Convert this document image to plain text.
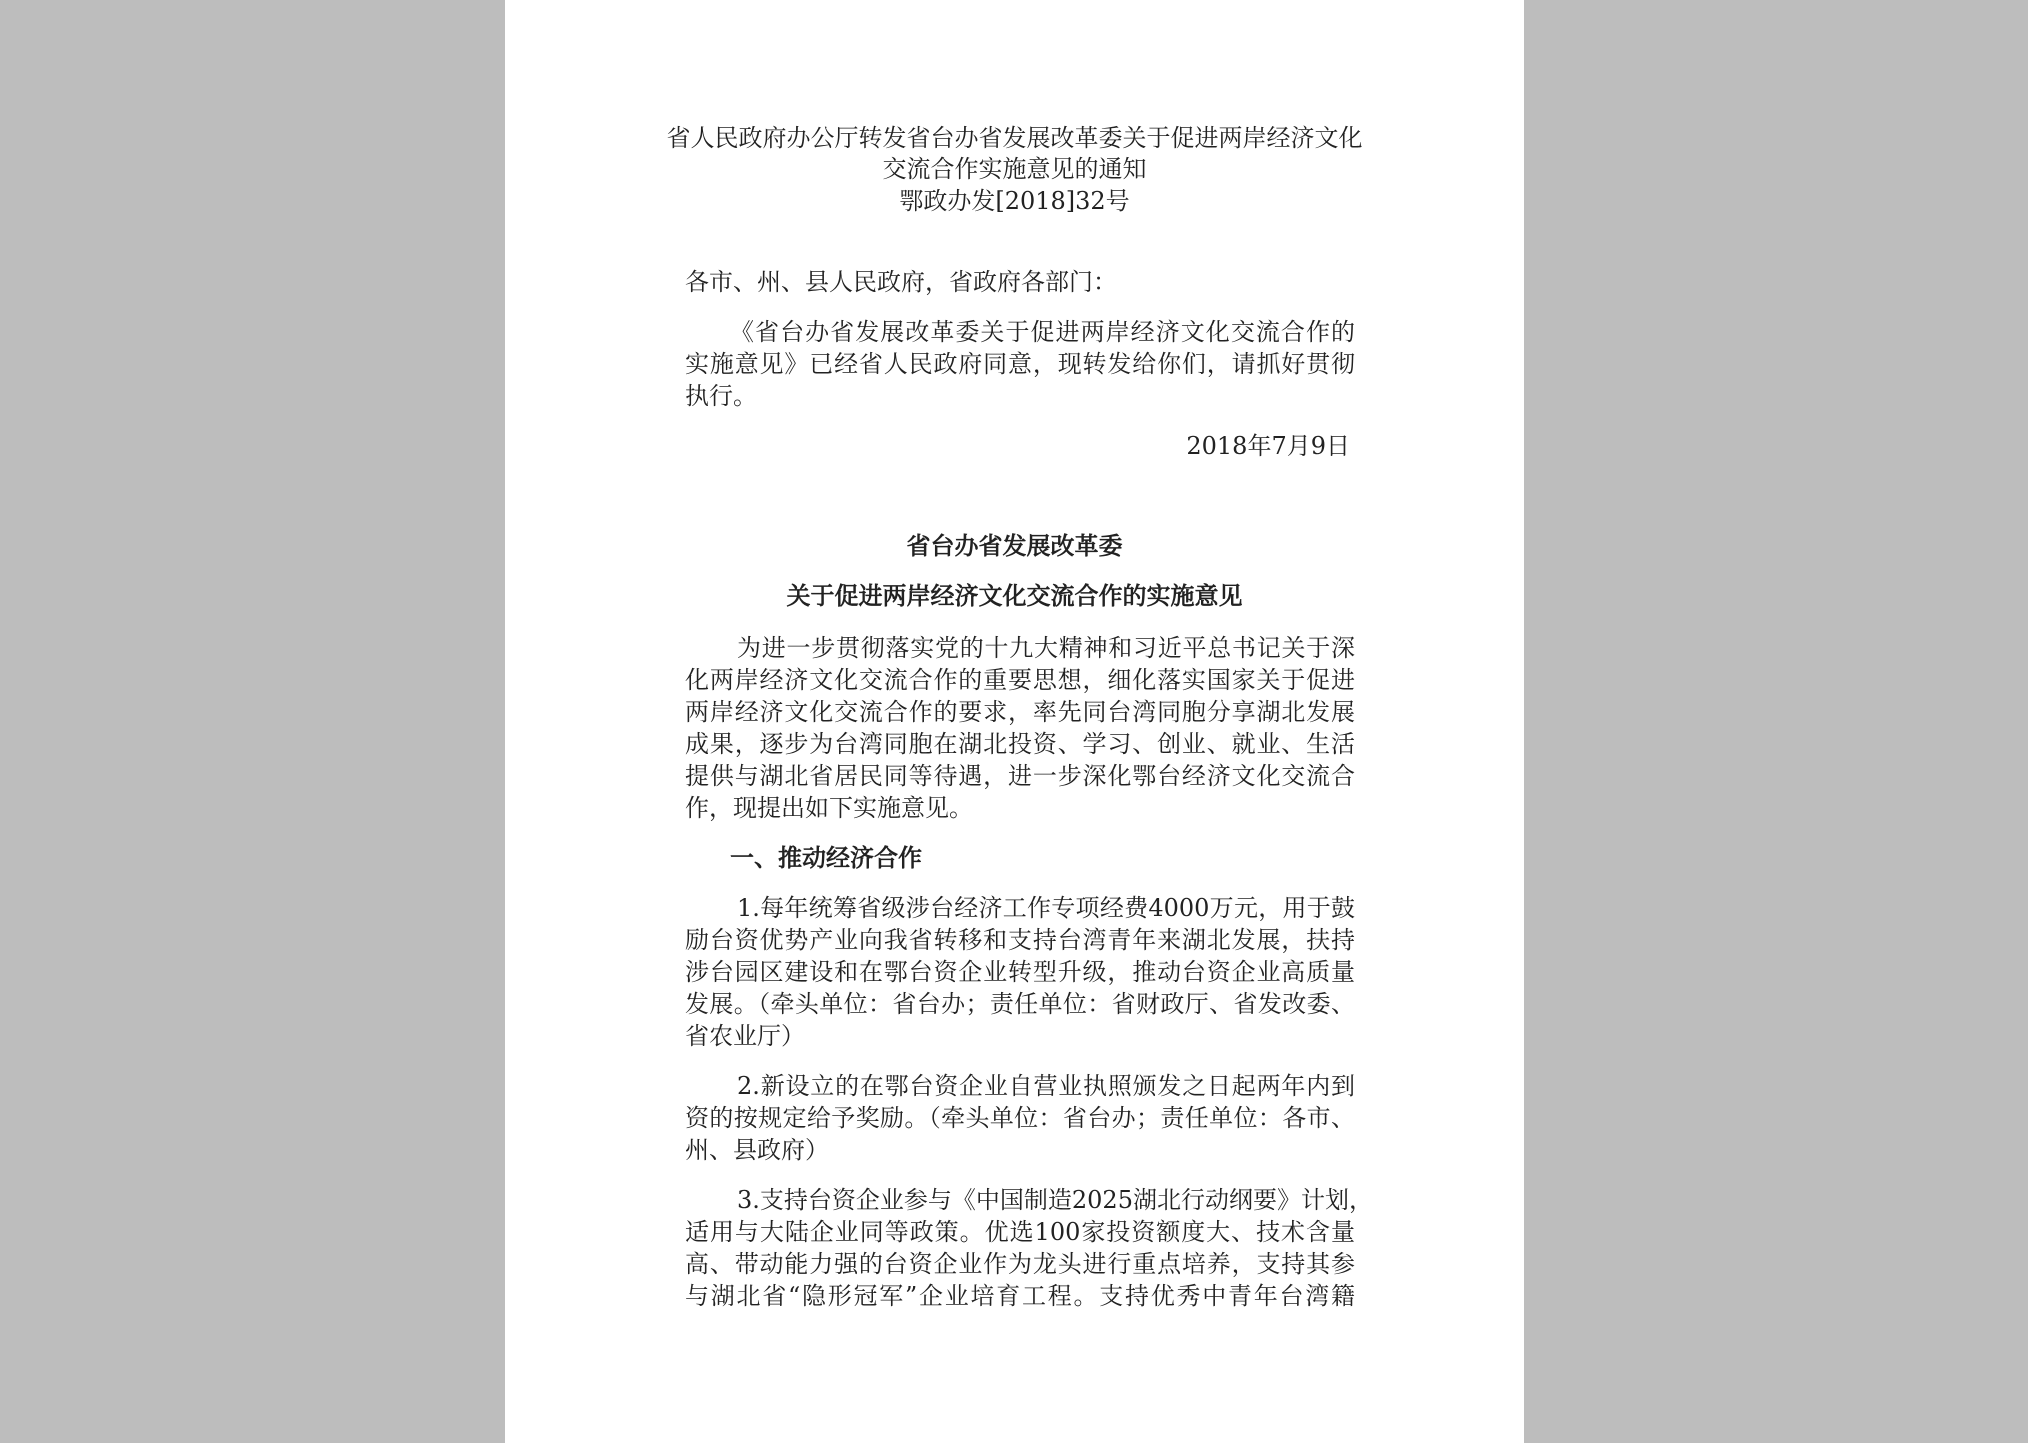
省人民政府办公厅转发省台办省发展改革委关于促进两岸经济文化
交流合作实施意见的通知
鄂政办发[2018]32号
各市、州、县人民政府，省政府各部门：
《省台办省发展改革委关于促进两岸经济文化交流合作的
实施意见》已经省人民政府同意，现转发给你们，请抓好贯彻
执行。
2018年7月9日
省台办省发展改革委
关于促进两岸经济文化交流合作的实施意见
为进一步贯彻落实党的十九大精神和习近平总书记关于深
化两岸经济文化交流合作的重要思想，细化落实国家关于促进
两岸经济文化交流合作的要求，率先同台湾同胞分享湖北发展
成果，逐步为台湾同胞在湖北投资、学习、创业、就业、生活
提供与湖北省居民同等待遇，进一步深化鄂台经济文化交流合
作，现提出如下实施意见。
一、推动经济合作
1.每年统筹省级涉台经济工作专项经费4000万元，用于鼓
励台资优势产业向我省转移和支持台湾青年来湖北发展，扶持
涉台园区建设和在鄂台资企业转型升级，推动台资企业高质量
发展。（牵头单位：省台办；责任单位：省财政厅、省发改委、
省农业厅）
2.新设立的在鄂台资企业自营业执照颁发之日起两年内到
资的按规定给予奖励。（牵头单位：省台办；责任单位：各市、
州、县政府）
3.支持台资企业参与《中国制造2025湖北行动纲要》计划，
适用与大陆企业同等政策。优选100家投资额度大、技术含量
高、带动能力强的台资企业作为龙头进行重点培养，支持其参
与湖北省“隐形冠军”企业培育工程。支持优秀中青年台湾籍
